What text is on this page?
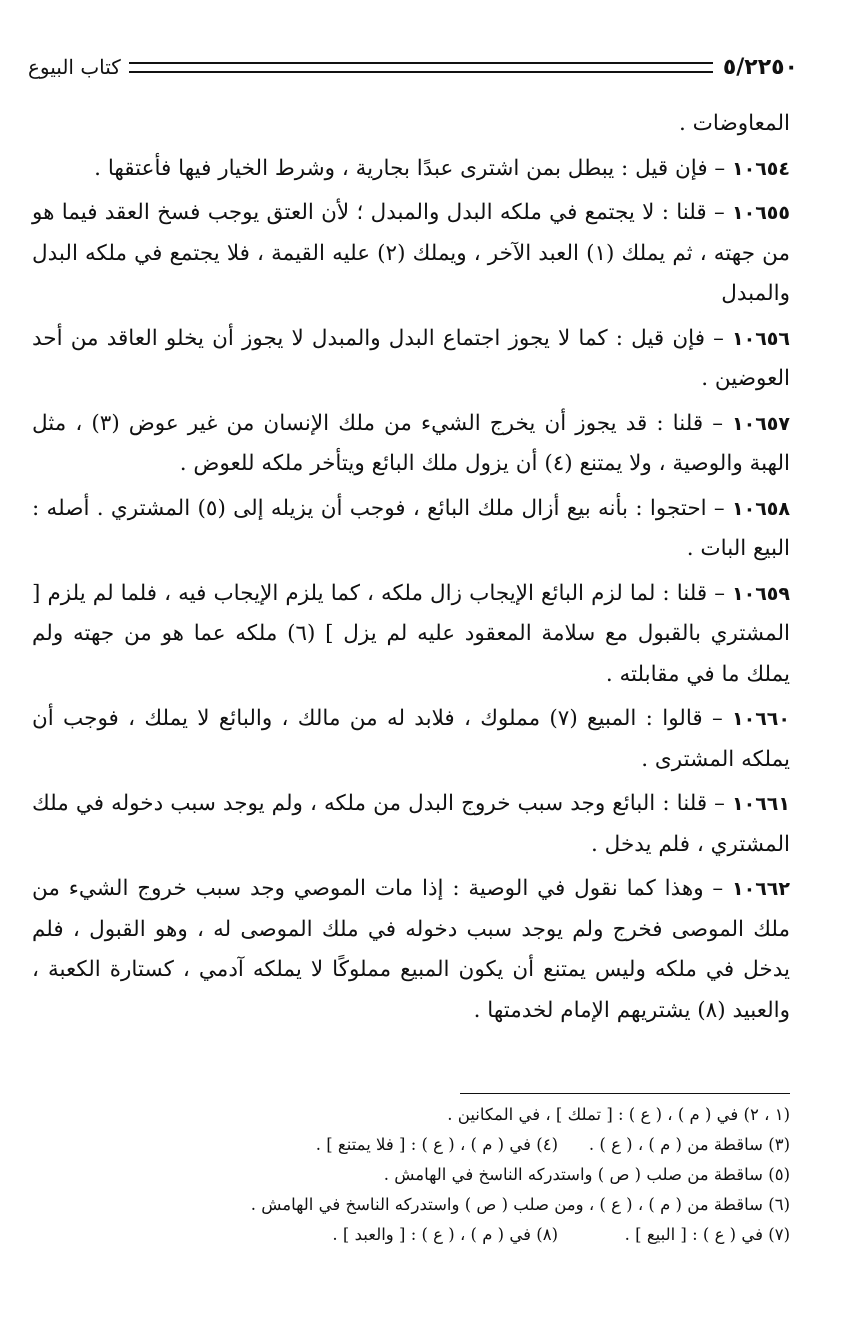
٥/٢٢٥٠
كتاب البيوع

المعاوضات .

١٠٦٥٤ – فإن قيل : يبطل بمن اشترى عبدًا بجارية ، وشرط الخيار فيها فأعتقها .

١٠٦٥٥ – قلنا : لا يجتمع في ملكه البدل والمبدل ؛ لأن العتق يوجب فسخ العقد فيما هو من جهته ، ثم يملك (١) العبد الآخر ، ويملك (٢) عليه القيمة ، فلا يجتمع في ملكه البدل والمبدل

١٠٦٥٦ – فإن قيل : كما لا يجوز اجتماع البدل والمبدل لا يجوز أن يخلو العاقد من أحد العوضين .

١٠٦٥٧ – قلنا : قد يجوز أن يخرج الشيء من ملك الإنسان من غير عوض (٣) ، مثل الهبة والوصية ، ولا يمتنع (٤) أن يزول ملك البائع ويتأخر ملكه للعوض .

١٠٦٥٨ – احتجوا : بأنه بيع أزال ملك البائع ، فوجب أن يزيله إلى (٥) المشتري . أصله : البيع البات .

١٠٦٥٩ – قلنا : لما لزم البائع الإيجاب زال ملكه ، كما يلزم الإيجاب فيه ، فلما لم يلزم [ المشتري بالقبول مع سلامة المعقود عليه لم يزل ] (٦) ملكه عما هو من جهته ولم يملك ما في مقابلته .

١٠٦٦٠ – قالوا : المبيع (٧) مملوك ، فلابد له من مالك ، والبائع لا يملك ، فوجب أن يملكه المشترى .

١٠٦٦١ – قلنا : البائع وجد سبب خروج البدل من ملكه ، ولم يوجد سبب دخوله في ملك المشتري ، فلم يدخل .

١٠٦٦٢ – وهذا كما نقول في الوصية : إذا مات الموصي وجد سبب خروج الشيء من ملك الموصى فخرج ولم يوجد سبب دخوله في ملك الموصى له ، وهو القبول ، فلم يدخل في ملكه وليس يمتنع أن يكون المبيع مملوكًا لا يملكه آدمي ، كستارة الكعبة ، والعبيد (٨) يشتريهم الإمام لخدمتها .

(١ ، ٢) في ( م ) ، ( ع ) : [ تملك ] ، في المكانين .
(٣) ساقطة من ( م ) ، ( ع ) .
(٤) في ( م ) ، ( ع ) : [ فلا يمتنع ] .
(٥) ساقطة من صلب ( ص ) واستدركه الناسخ في الهامش .
(٦) ساقطة من ( م ) ، ( ع ) ، ومن صلب ( ص ) واستدركه الناسخ في الهامش .
(٧) في ( ع ) : [ البيع ] .
(٨) في ( م ) ، ( ع ) : [ والعبد ] .
